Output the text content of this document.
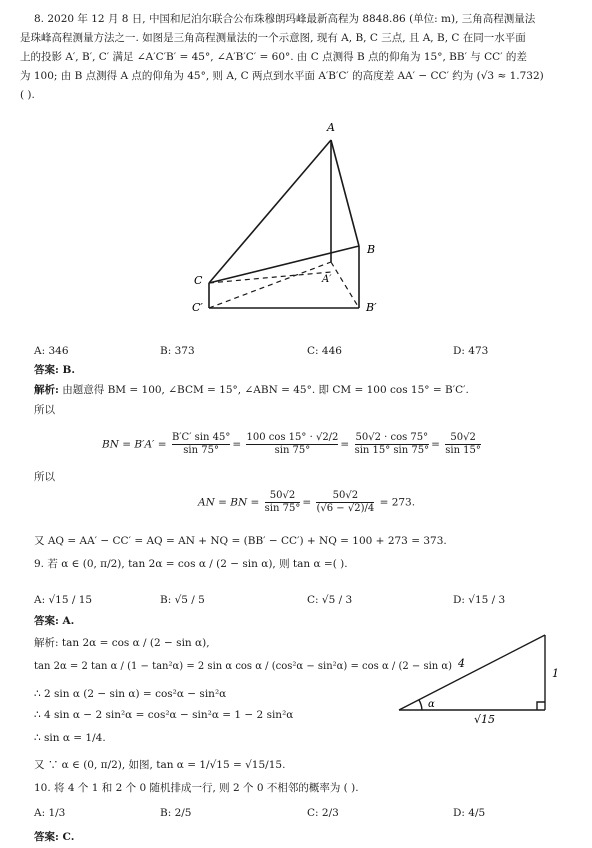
8. 2020 年 12 月 8 日, 中国和尼泊尔联合公布珠穆朗玛峰最新高程为 8848.86 (单位: m), 三角高程测量法
是珠峰高程测量方法之一. 如图是三角高程测量法的一个示意图, 现有 A, B, C 三点, 且 A, B, C 在同一水平面
上的投影 A′, B′, C′ 满足 ∠A′C′B′ = 45°, ∠A′B′C′ = 60°. 由 C 点测得 B 点的仰角为 15°, BB′ 与 CC′ 的差
为 100; 由 B 点测得 A 点的仰角为 45°, 则 A, C 两点到水平面 A′B′C′ 的高度差 AA′ − CC′ 约为 (√3 ≈ 1.732)
( ).
A
B
C	A′
B′
C′
A: 346	B: 373	C: 446	D: 473
答案: B.
解析: 由题意得 BM = 100, ∠BCM = 15°, ∠ABN = 45°. 即 CM = 100 cos 15° = B′C′.
所以
BN = $B'A' = \frac{B'C' \sin 45^\circ}{\sin 75^\circ} = \frac{100 \cos 15^\circ \cdot √2/2}{\sin 75^\circ} = \frac{50√2 \cdot \cos 75^\circ}{\sin 15^\circ \sin 75^\circ} = \frac{50√2}{\sin 15^\circ}$
所以
AN = BN = $\frac{50√2}{\sin 75^\circ} = \frac{50√2}{(√6 - √2)/4} = 273$.
又 AQ = AA′ − CC′ = AQ = AN + NQ = (BB′ − CC′) + NQ = 100 + 273 = 373.
9. 若 α ∈ (0, π/2), tan 2α = cos α / (2 − sin α), 则 tan α =( ).
A: √15 / 15	B: √5 / 5	C: √5 / 3	D: √15 / 3
答案: A.
解析: tan 2α = cos α / (2 − sin α),
tan 2α = 2 tan α / (1 − tan²α) = 2 sin α cos α / (cos²α − sin²α) = cos α / (2 − sin α)
∴ 2 sin α (2 − sin α) = cos²α − sin²α
∴ 4 sin α − 2 sin²α = cos²α − sin²α = 1 − 2 sin²α
∴ sin α = 1/4.
又 ∵ α ∈ (0, π/2), 如图, tan α = 1/√15 = √15/15.
4
1
√15
α
10. 将 4 个 1 和 2 个 0 随机排成一行, 则 2 个 0 不相邻的概率为 ( ).
A: 1/3	B: 2/5	C: 2/3	D: 4/5
答案: C.
